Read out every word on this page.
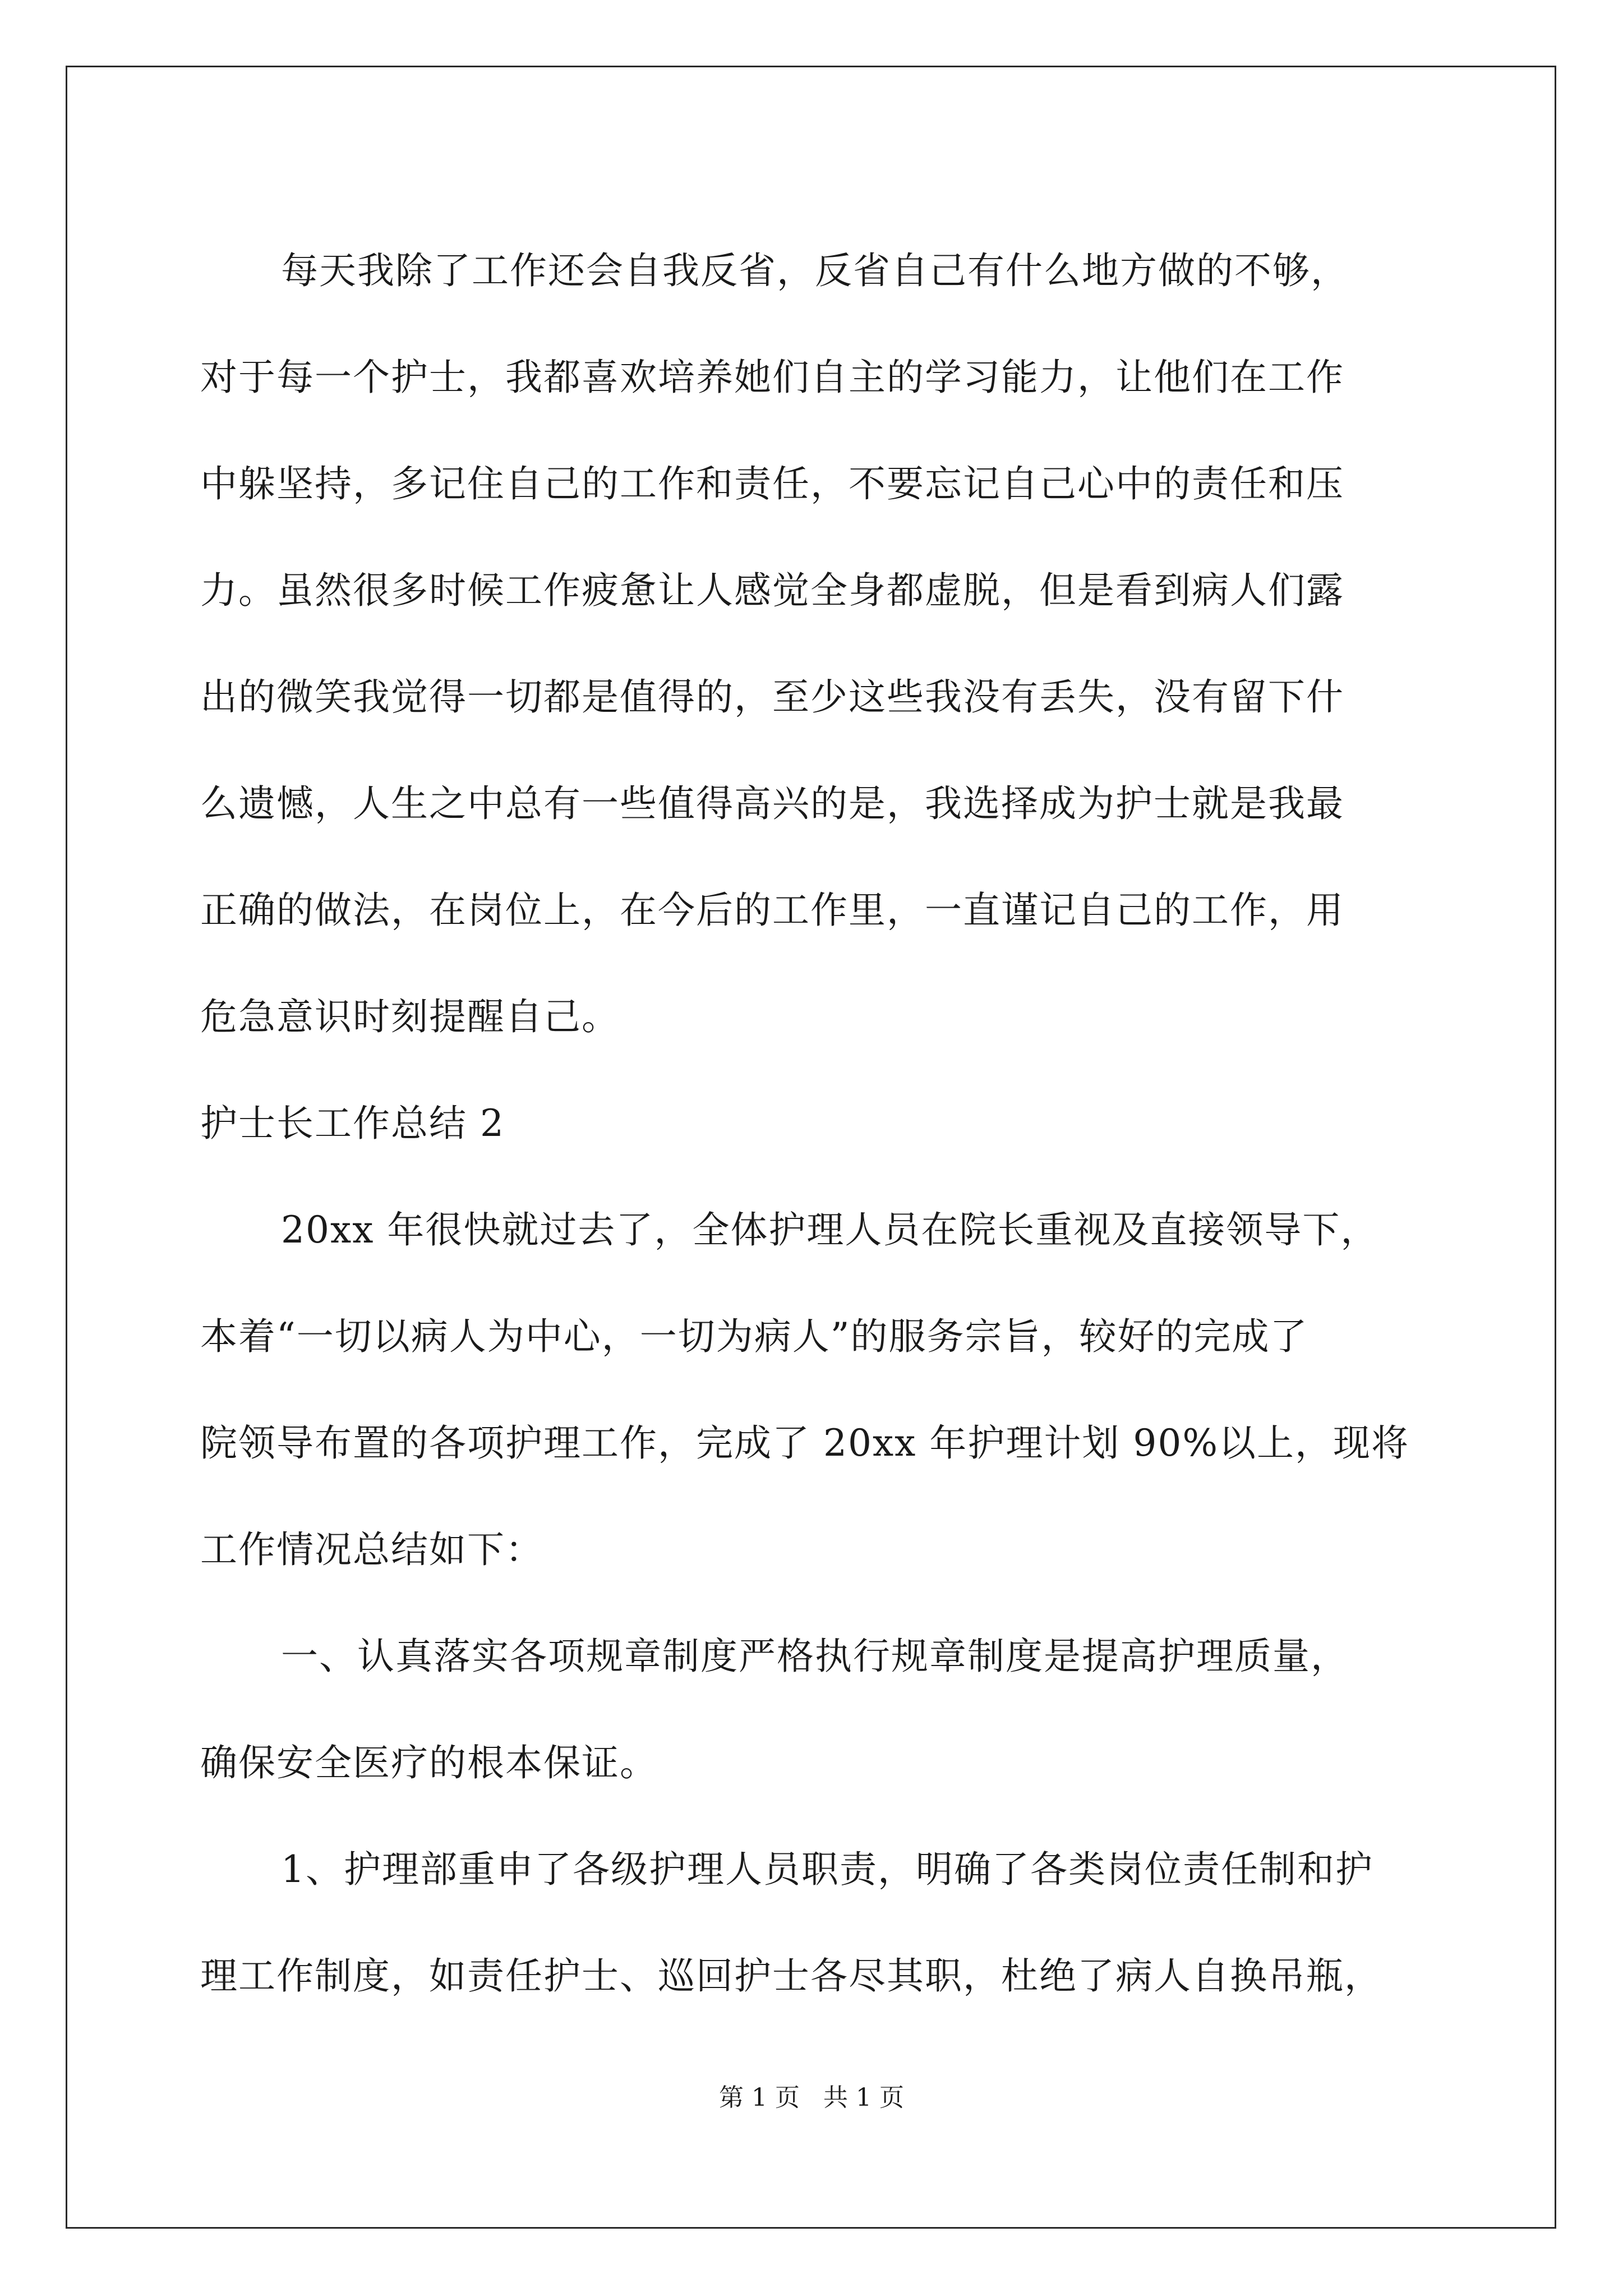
每天我除了工作还会自我反省，反省自己有什么地方做的不够，
对于每一个护士，我都喜欢培养她们自主的学习能力，让他们在工作
中躲坚持，多记住自己的工作和责任，不要忘记自己心中的责任和压
力。虽然很多时候工作疲惫让人感觉全身都虚脱，但是看到病人们露
出的微笑我觉得一切都是值得的，至少这些我没有丢失，没有留下什
么遗憾，人生之中总有一些值得高兴的是，我选择成为护士就是我最
正确的做法，在岗位上，在今后的工作里，一直谨记自己的工作，用
危急意识时刻提醒自己。
护士长工作总结 2
20xx 年很快就过去了，全体护理人员在院长重视及直接领导下，
本着“一切以病人为中心，一切为病人”的服务宗旨，较好的完成了
院领导布置的各项护理工作，完成了 20xx 年护理计划 90%以上，现将
工作情况总结如下：
一、认真落实各项规章制度严格执行规章制度是提高护理质量，
确保安全医疗的根本保证。
1、护理部重申了各级护理人员职责，明确了各类岗位责任制和护
理工作制度，如责任护士、巡回护士各尽其职，杜绝了病人自换吊瓶，
第 1 页 共 1 页
